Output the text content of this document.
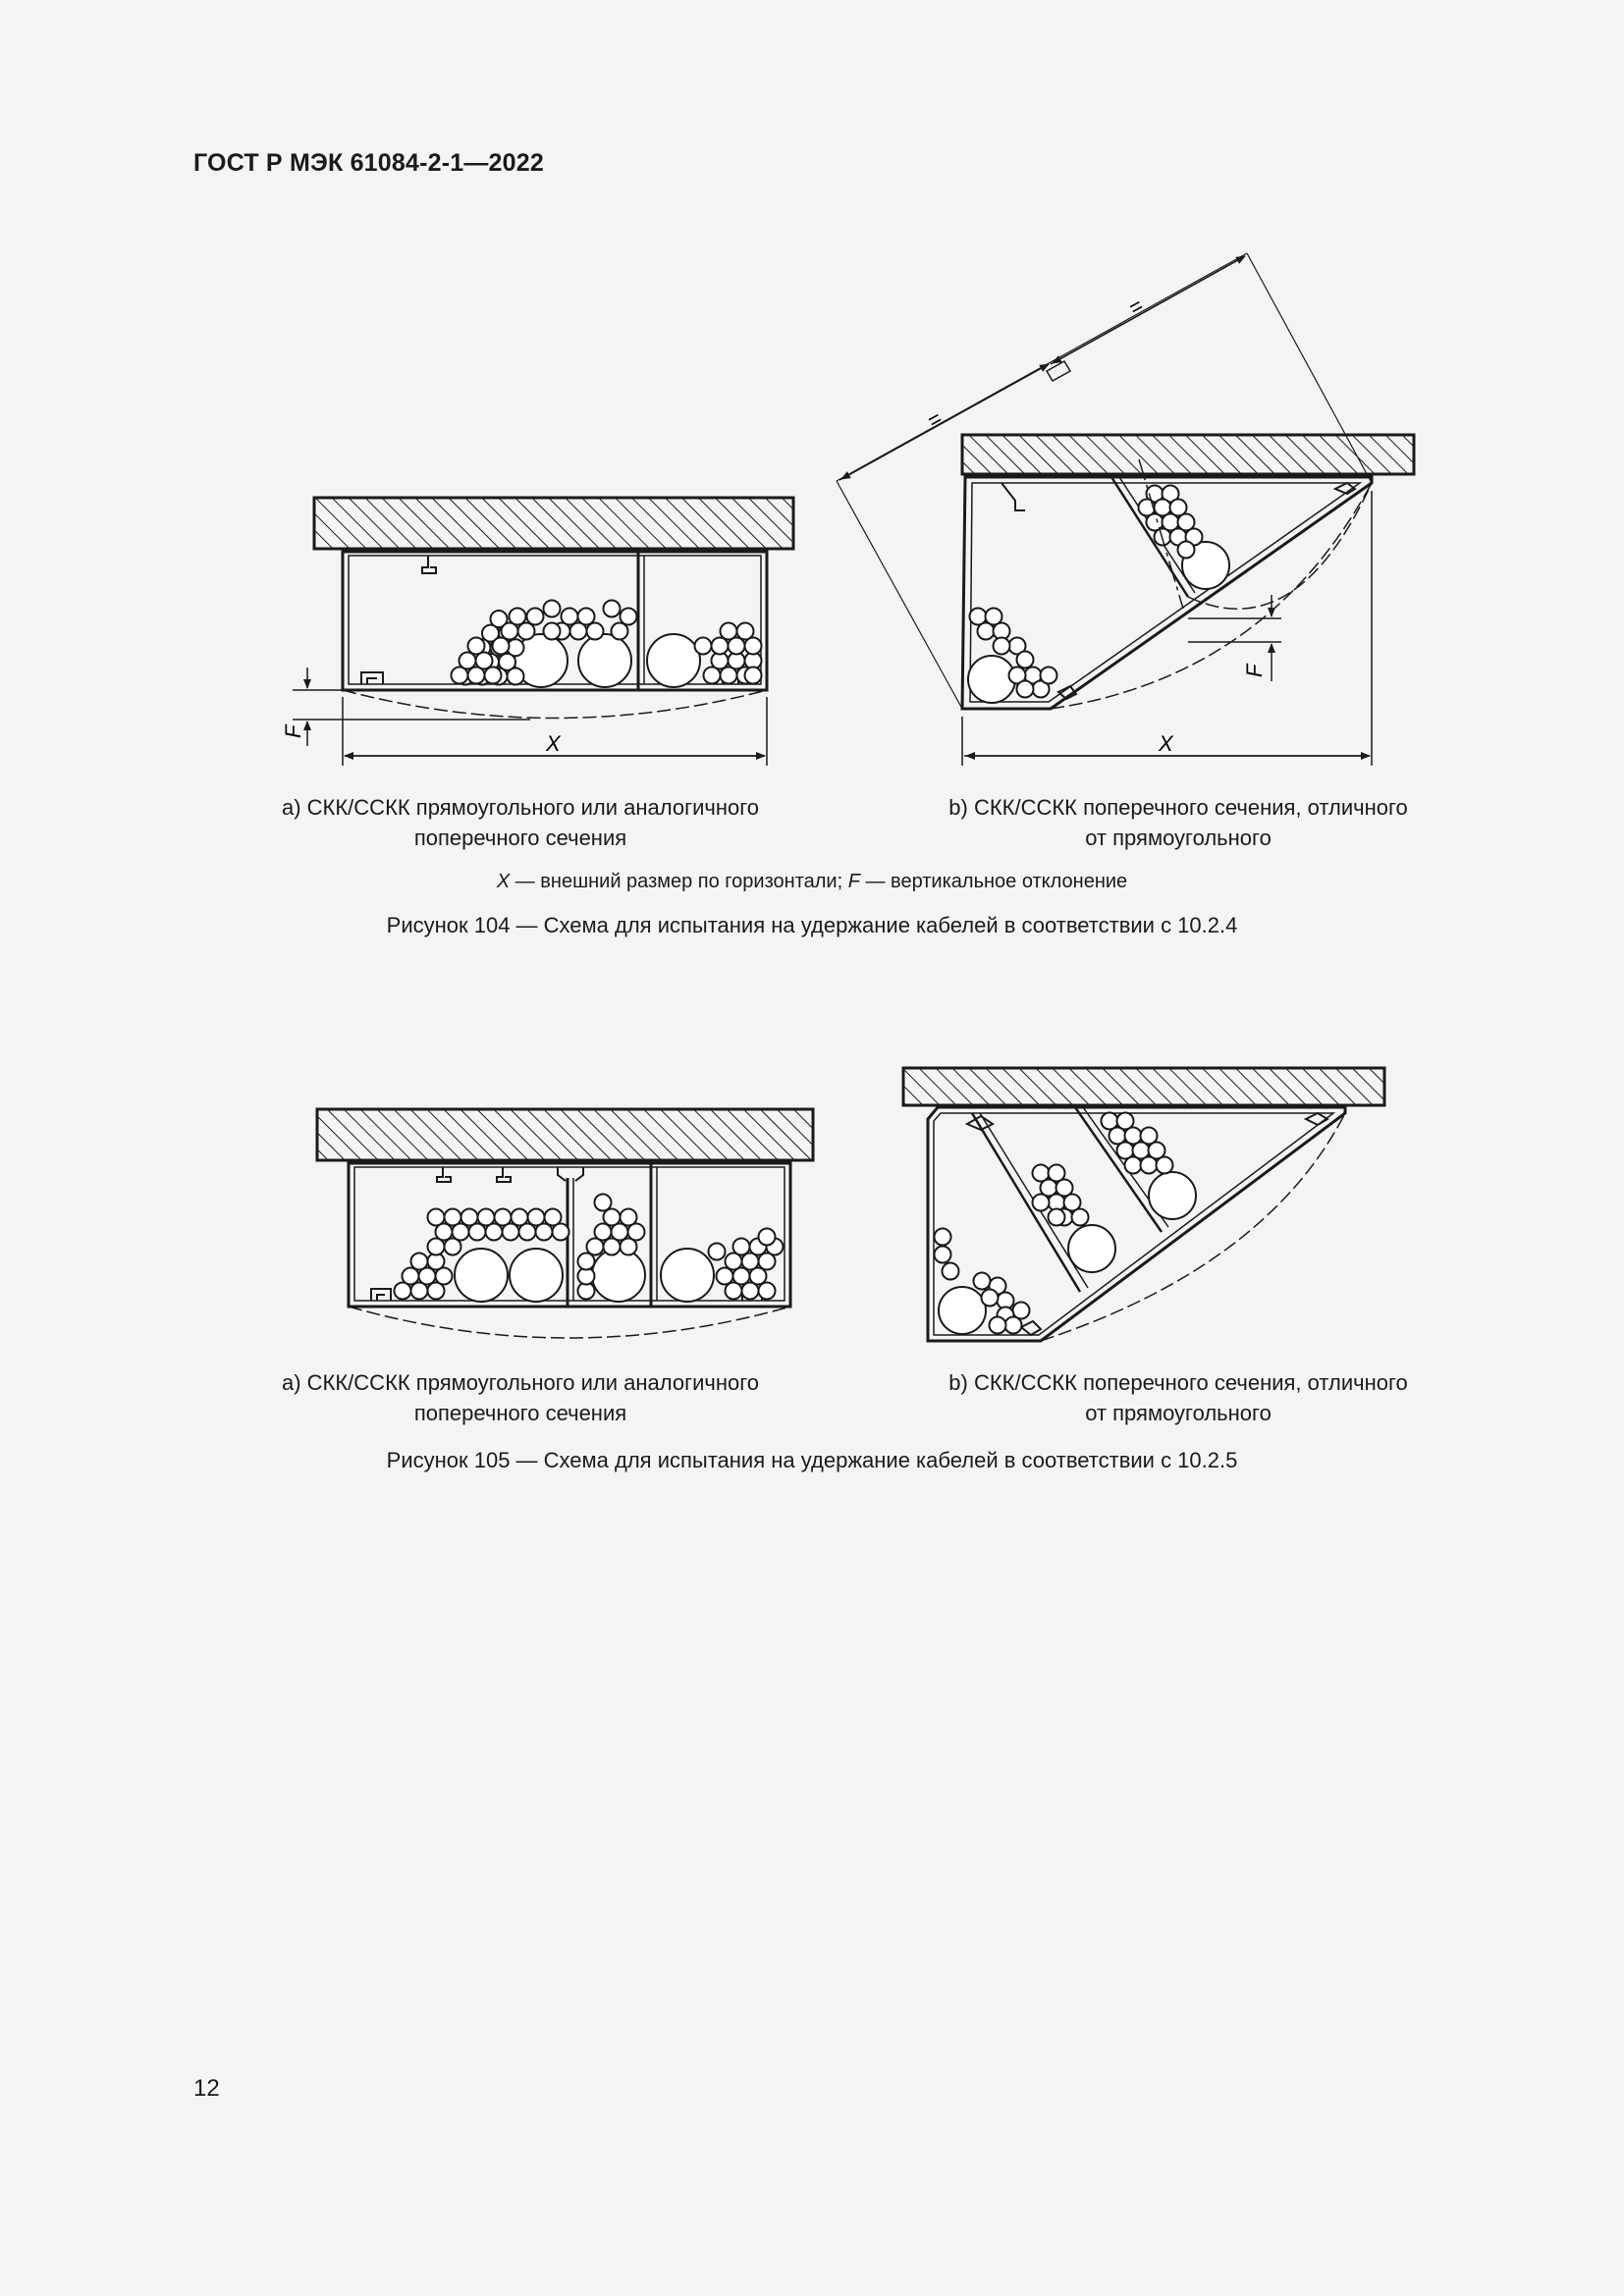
ГОСТ Р МЭК 61084-2-1—2022
F	X
=
=
F
X
a) СКК/ССКК прямоугольного или аналогичного
поперечного сечения
b) СКК/ССКК поперечного сечения, отличного
от прямоугольного
X — внешний размер по горизонтали; F — вертикальное отклонение
Рисунок 104 — Схема для испытания на удержание кабелей в соответствии с 10.2.4
a) СКК/ССКК прямоугольного или аналогичного
поперечного сечения
b) СКК/ССКК поперечного сечения, отличного
от прямоугольного
Рисунок 105 — Схема для испытания на удержание кабелей в соответствии с 10.2.5
12
